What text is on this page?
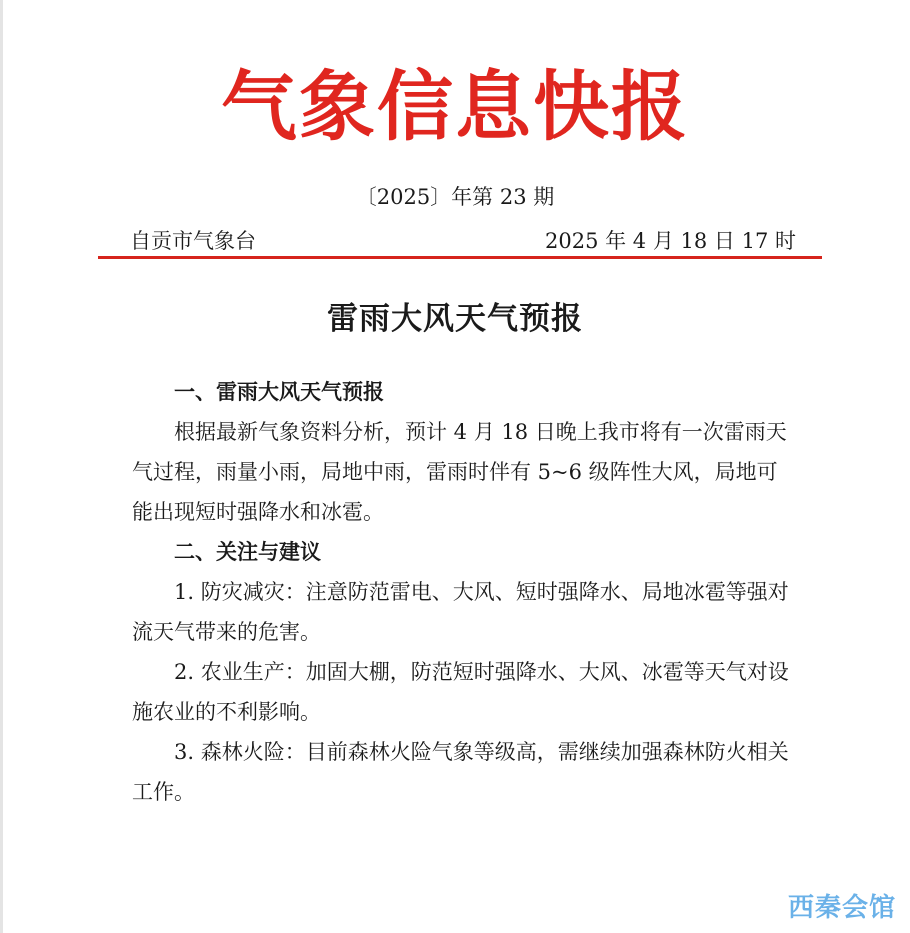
气象信息快报
〔2025〕年第 23 期
自贡市气象台	2025 年 4 月 18 日 17 时
雷雨大风天气预报
一、雷雨大风天气预报

根据最新气象资料分析，预计 4 月 18 日晚上我市将有一次雷雨天气过程，雨量小雨，局地中雨，雷雨时伴有 5~6 级阵性大风，局地可能出现短时强降水和冰雹。

二、关注与建议

1. 防灾减灾：注意防范雷电、大风、短时强降水、局地冰雹等强对流天气带来的危害。

2. 农业生产：加固大棚，防范短时强降水、大风、冰雹等天气对设施农业的不利影响。

3. 森林火险：目前森林火险气象等级高，需继续加强森林防火相关工作。

西秦会馆
